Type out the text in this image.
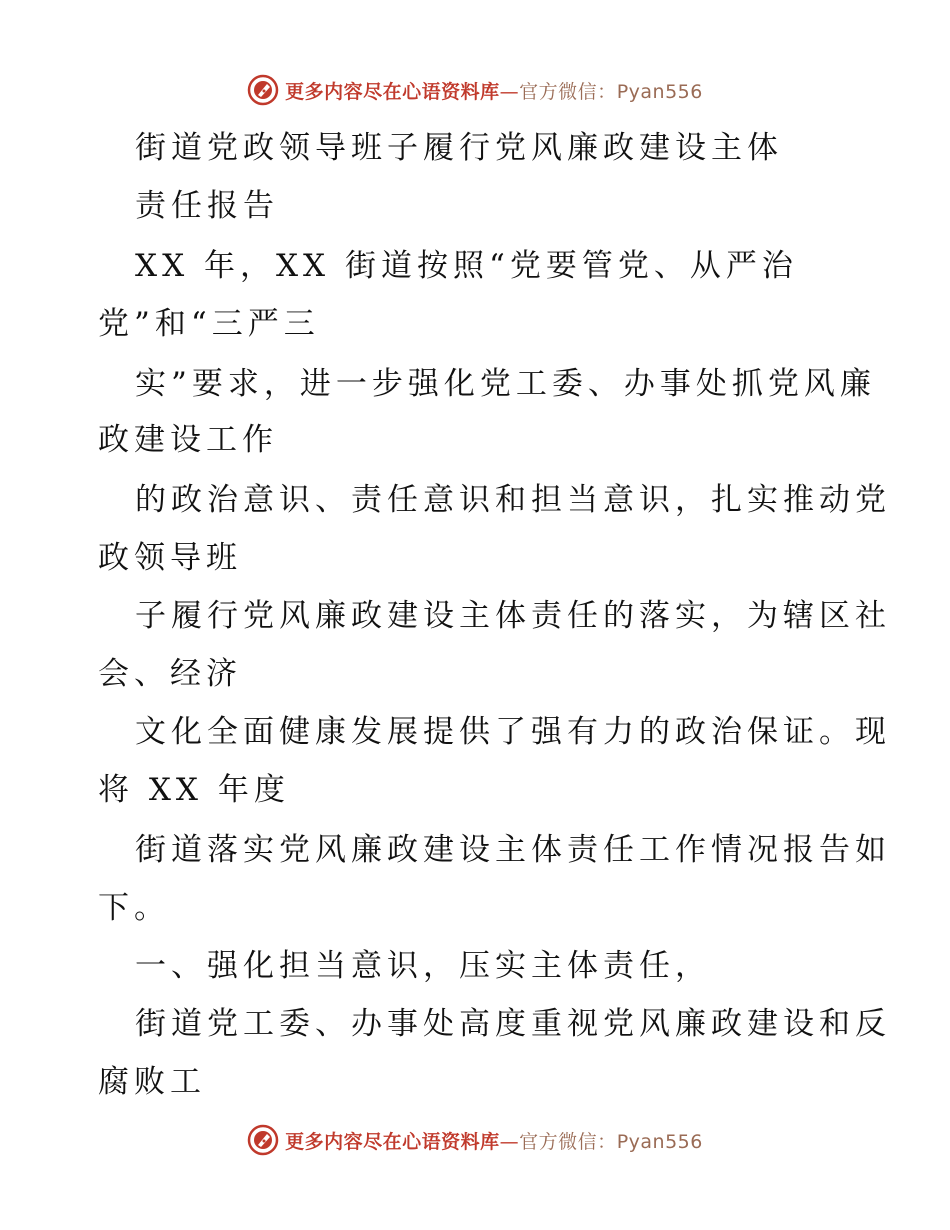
更多内容尽在心语资料库—官方微信：Pyan556
街道党政领导班子履行党风廉政建设主体
责任报告
XX 年，XX 街道按照“党要管党、从严治
党”和“三严三
实”要求，进一步强化党工委、办事处抓党风廉
政建设工作
的政治意识、责任意识和担当意识，扎实推动党
政领导班
子履行党风廉政建设主体责任的落实，为辖区社
会、经济
文化全面健康发展提供了强有力的政治保证。现
将 XX 年度
街道落实党风廉政建设主体责任工作情况报告如
下。
一、强化担当意识，压实主体责任，
街道党工委、办事处高度重视党风廉政建设和反
腐败工
更多内容尽在心语资料库—官方微信：Pyan556
